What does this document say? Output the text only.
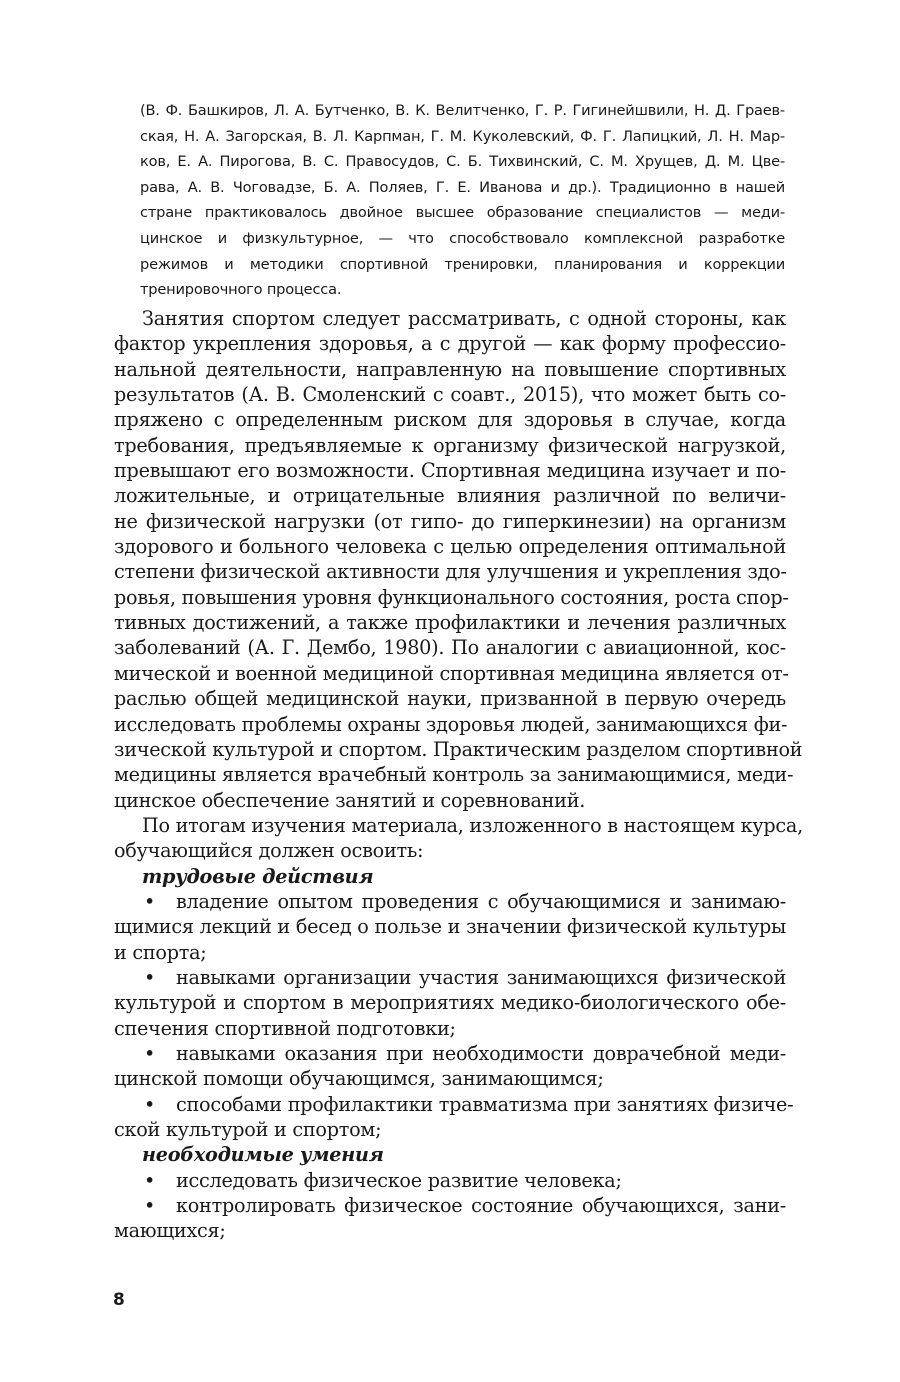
(В. Ф. Башкиров, Л. А. Бутченко, В. К. Велитченко, Г. Р. Гигинейшвили, Н. Д. Граев-
ская, Н. А. Загорская, В. Л. Карпман, Г. М. Куколевский, Ф. Г. Лапицкий, Л. Н. Мар-
ков, Е. А. Пирогова, В. С. Правосудов, С. Б. Тихвинский, С. М. Хрущев, Д. М. Цве-
рава, А. В. Чоговадзе, Б. А. Поляев, Г. Е. Иванова и др.). Традиционно в нашей
стране практиковалось двойное высшее образование специалистов — меди-
цинское и физкультурное, — что способствовало комплексной разработке
режимов и методики спортивной тренировки, планирования и коррекции
тренировочного процесса.
Занятия спортом следует рассматривать, с одной стороны, как
фактор укрепления здоровья, а с другой — как форму профессио-
нальной деятельности, направленную на повышение спортивных
результатов (А. В. Смоленский с соавт., 2015), что может быть со-
пряжено с определенным риском для здоровья в случае, когда
требования, предъявляемые к организму физической нагрузкой,
превышают его возможности. Спортивная медицина изучает и по-
ложительные, и отрицательные влияния различной по величи-
не физической нагрузки (от гипо- до гиперкинезии) на организм
здорового и больного человека с целью определения оптимальной
степени физической активности для улучшения и укрепления здо-
ровья, повышения уровня функционального состояния, роста спор-
тивных достижений, а также профилактики и лечения различных
заболеваний (А. Г. Дембо, 1980). По аналогии с авиационной, кос-
мической и военной медициной спортивная медицина является от-
раслью общей медицинской науки, призванной в первую очередь
исследовать проблемы охраны здоровья людей, занимающихся фи-
зической культурой и спортом. Практическим разделом спортивной
медицины является врачебный контроль за занимающимися, меди-
цинское обеспечение занятий и соревнований.
По итогам изучения материала, изложенного в настоящем курса,
обучающийся должен освоить:
трудовые действия
• владение опытом проведения с обучающимися и занимаю-
щимися лекций и бесед о пользе и значении физической культуры
и спорта;
• навыками организации участия занимающихся физической
культурой и спортом в мероприятиях медико-биологического обе-
спечения спортивной подготовки;
• навыками оказания при необходимости доврачебной меди-
цинской помощи обучающимся, занимающимся;
• способами профилактики травматизма при занятиях физиче-
ской культурой и спортом;
необходимые умения
• исследовать физическое развитие человека;
• контролировать физическое состояние обучающихся, зани-
мающихся;
8
